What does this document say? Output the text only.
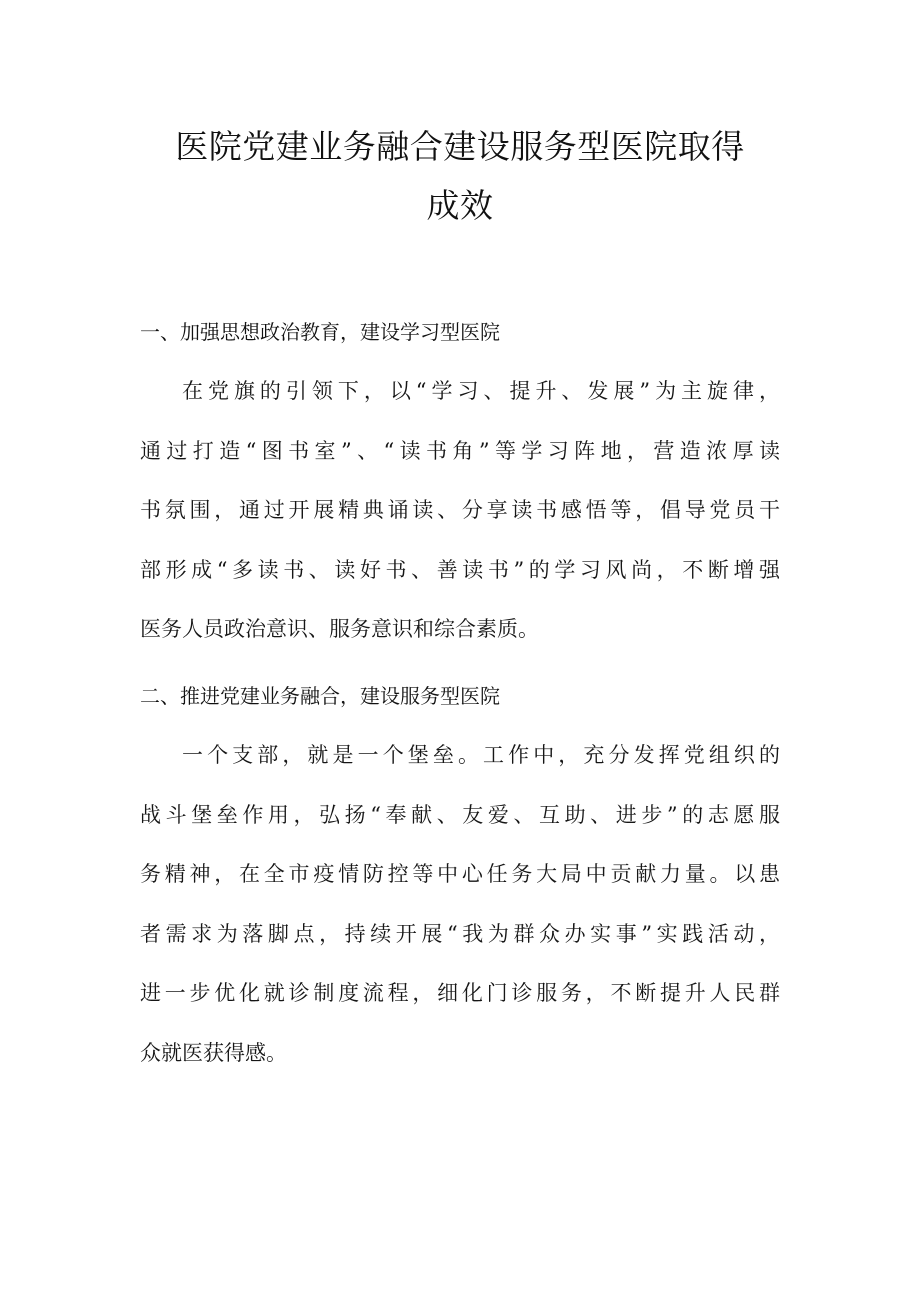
医院党建业务融合建设服务型医院取得
成效
一、加强思想政治教育，建设学习型医院
在党旗的引领下，以“学习、提升、发展”为主旋律，
通过打造“图书室”、“读书角”等学习阵地，营造浓厚读
书氛围，通过开展精典诵读、分享读书感悟等，倡导党员干
部形成“多读书、读好书、善读书”的学习风尚，不断增强
医务人员政治意识、服务意识和综合素质。
二、推进党建业务融合，建设服务型医院
一个支部，就是一个堡垒。工作中，充分发挥党组织的
战斗堡垒作用，弘扬“奉献、友爱、互助、进步”的志愿服
务精神，在全市疫情防控等中心任务大局中贡献力量。以患
者需求为落脚点，持续开展“我为群众办实事”实践活动，
进一步优化就诊制度流程，细化门诊服务，不断提升人民群
众就医获得感。
